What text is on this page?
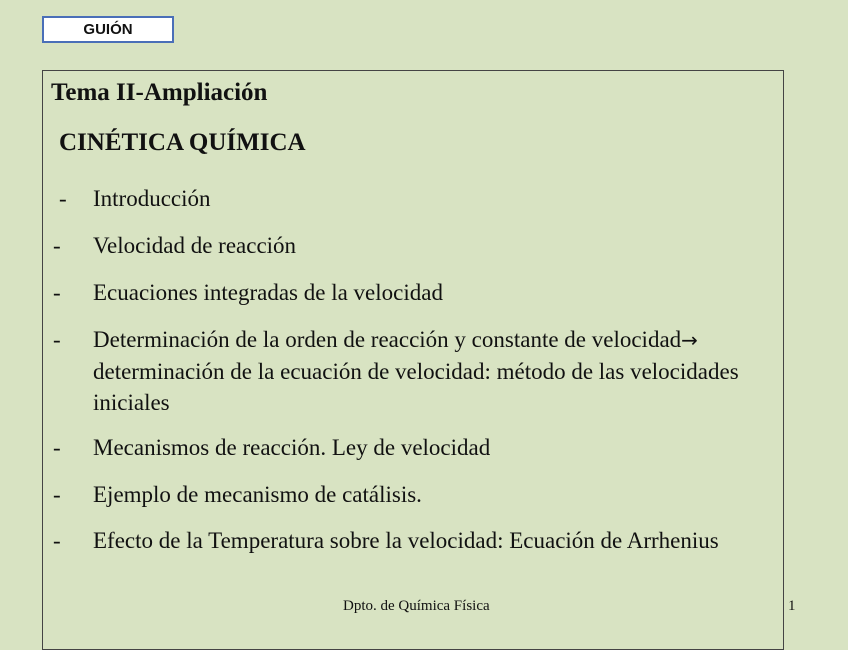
GUIÓN
Tema II-Ampliación
CINÉTICA QUÍMICA
- Introducción
- Velocidad de reacción
- Ecuaciones integradas de la velocidad
- Determinación de la orden de reacción y constante de velocidad→ determinación de la ecuación de velocidad: método de las velocidades iniciales
- Mecanismos de reacción. Ley de velocidad
- Ejemplo de mecanismo de catálisis.
- Efecto de la Temperatura sobre la velocidad: Ecuación de Arrhenius
Dpto. de Química Física	1
